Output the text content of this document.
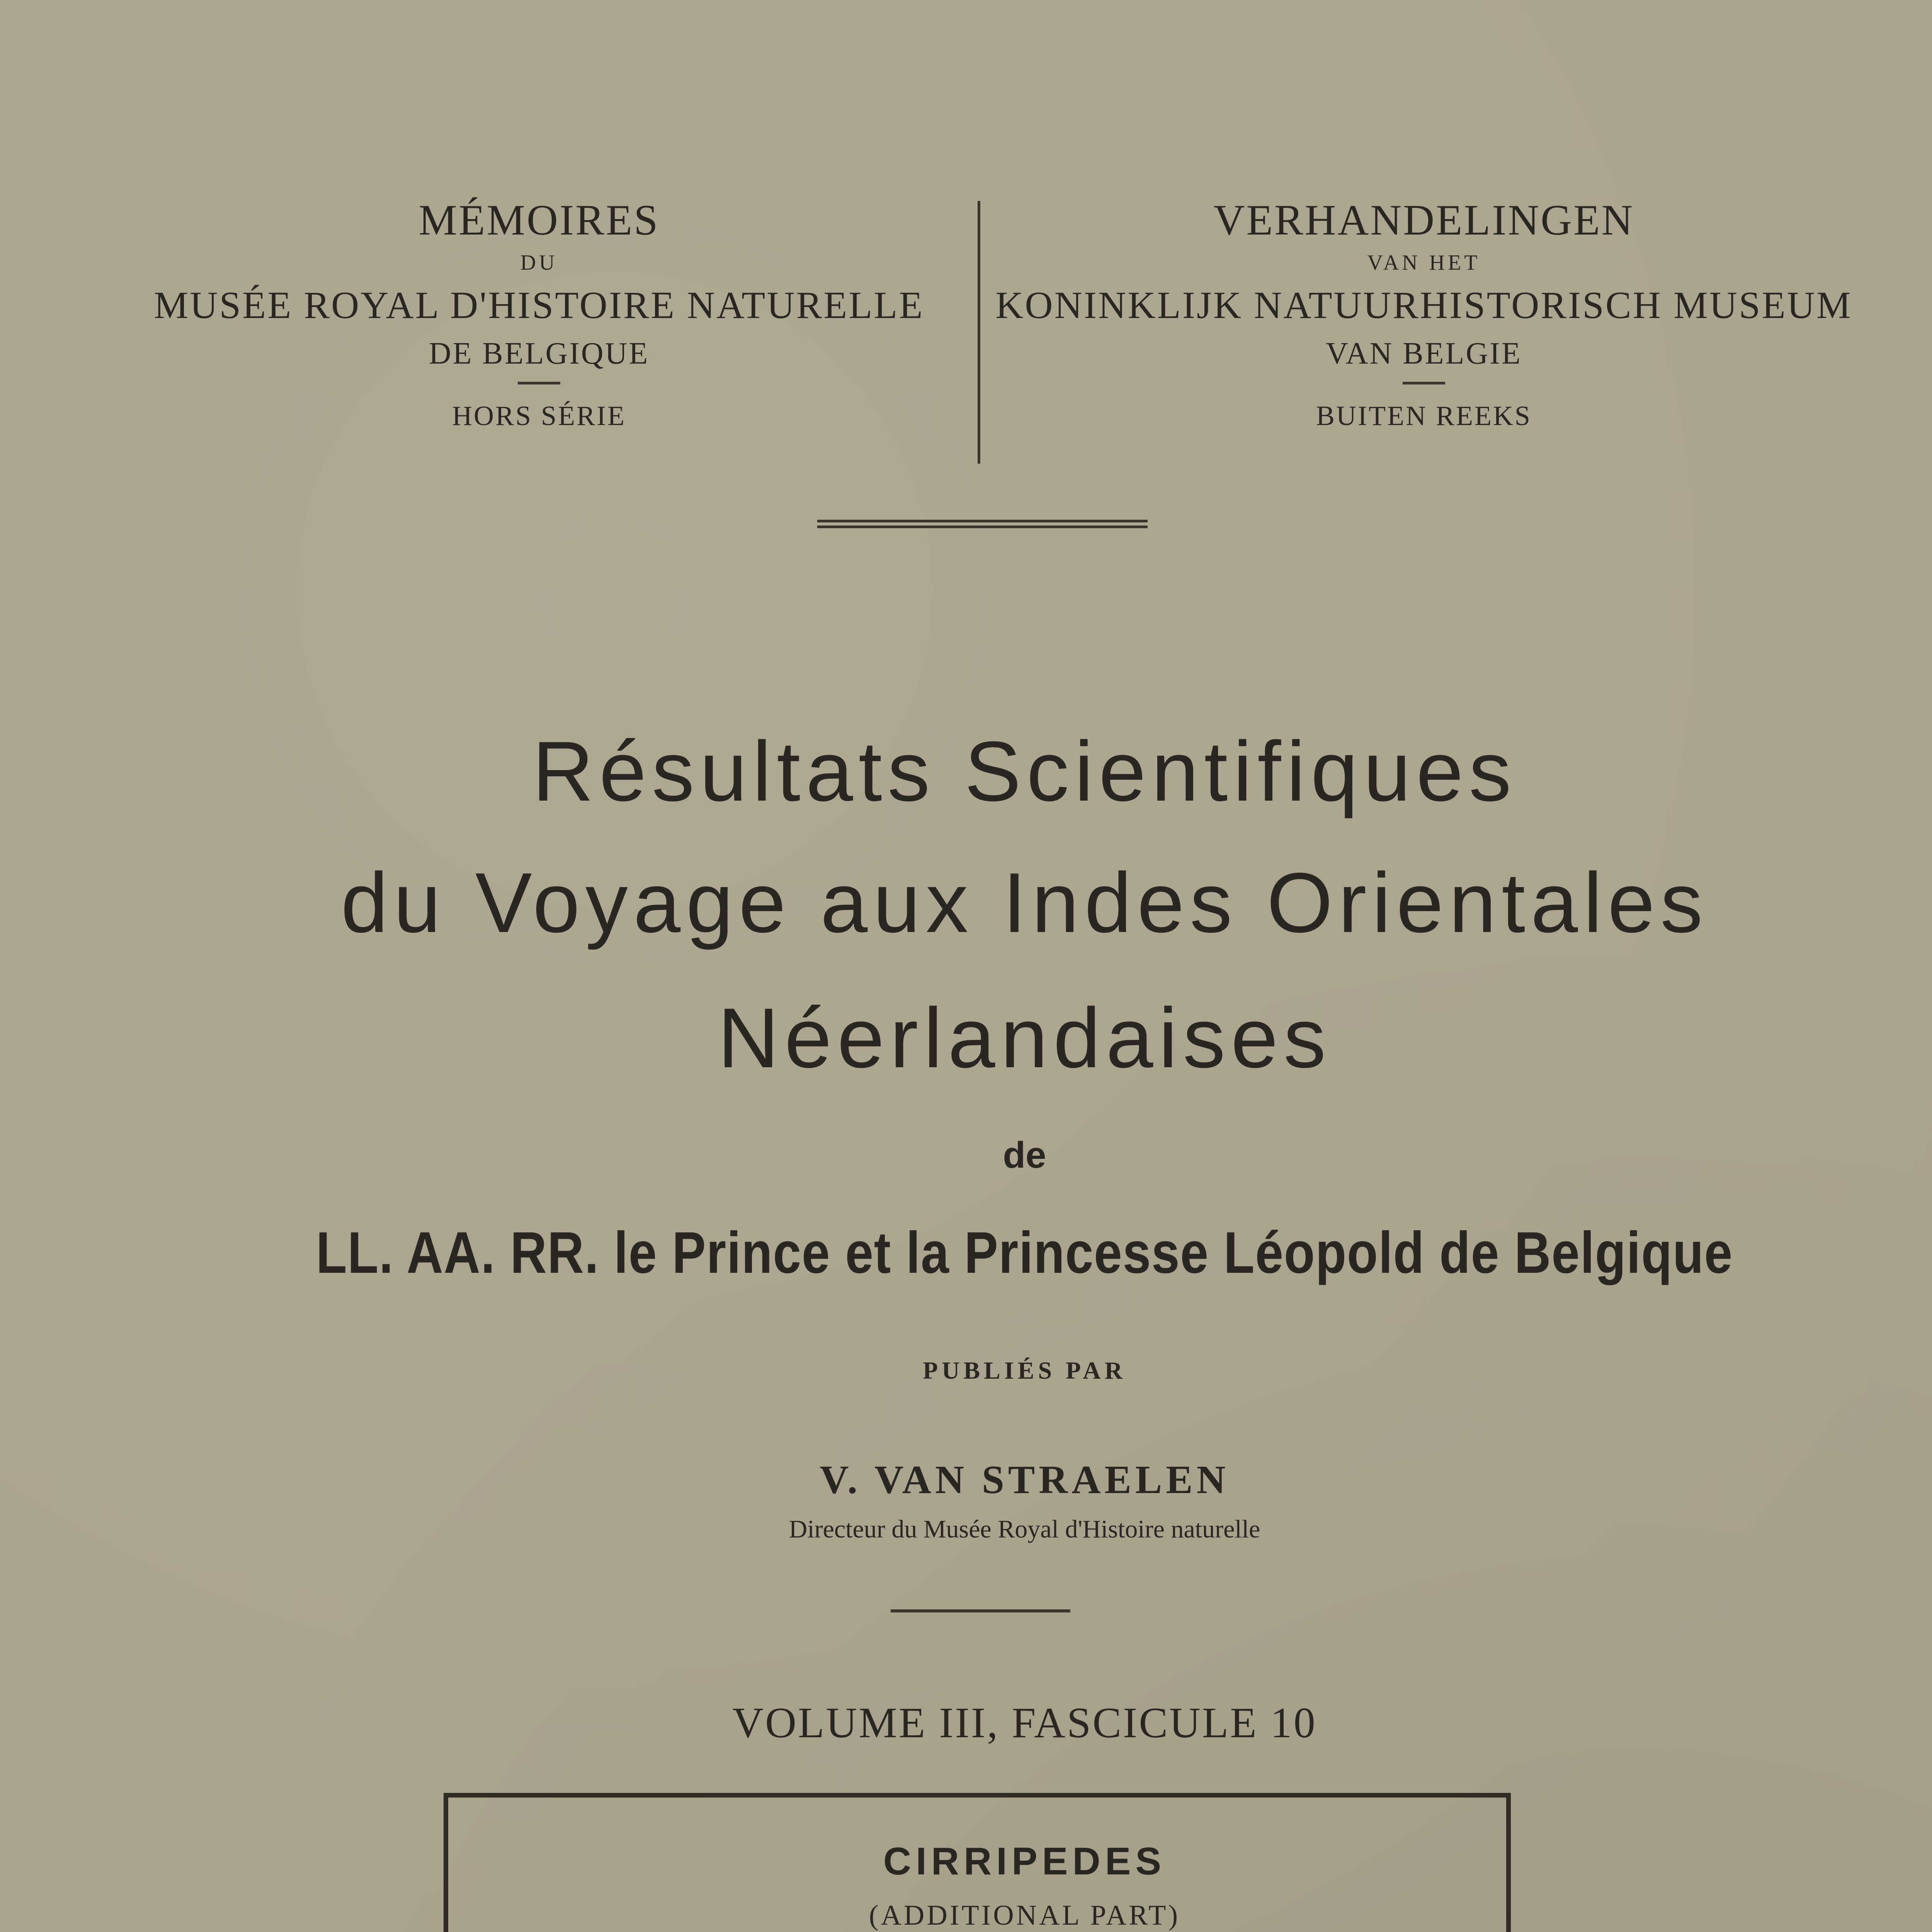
MÉMOIRES
DU
MUSÉE ROYAL D'HISTOIRE NATURELLE
DE BELGIQUE
HORS SÉRIE
VERHANDELINGEN
VAN HET
KONINKLIJK NATUURHISTORISCH MUSEUM
VAN BELGIE
BUITEN REEKS
Résultats Scientifiques
du Voyage aux Indes Orientales
Néerlandaises
de
LL. AA. RR. le Prince et la Princesse Léopold de Belgique
PUBLIÉS PAR
V. VAN STRAELEN
Directeur du Musée Royal d'Histoire naturelle
VOLUME III, FASCICULE 10
CIRRIPEDES
(ADDITIONAL PART)
